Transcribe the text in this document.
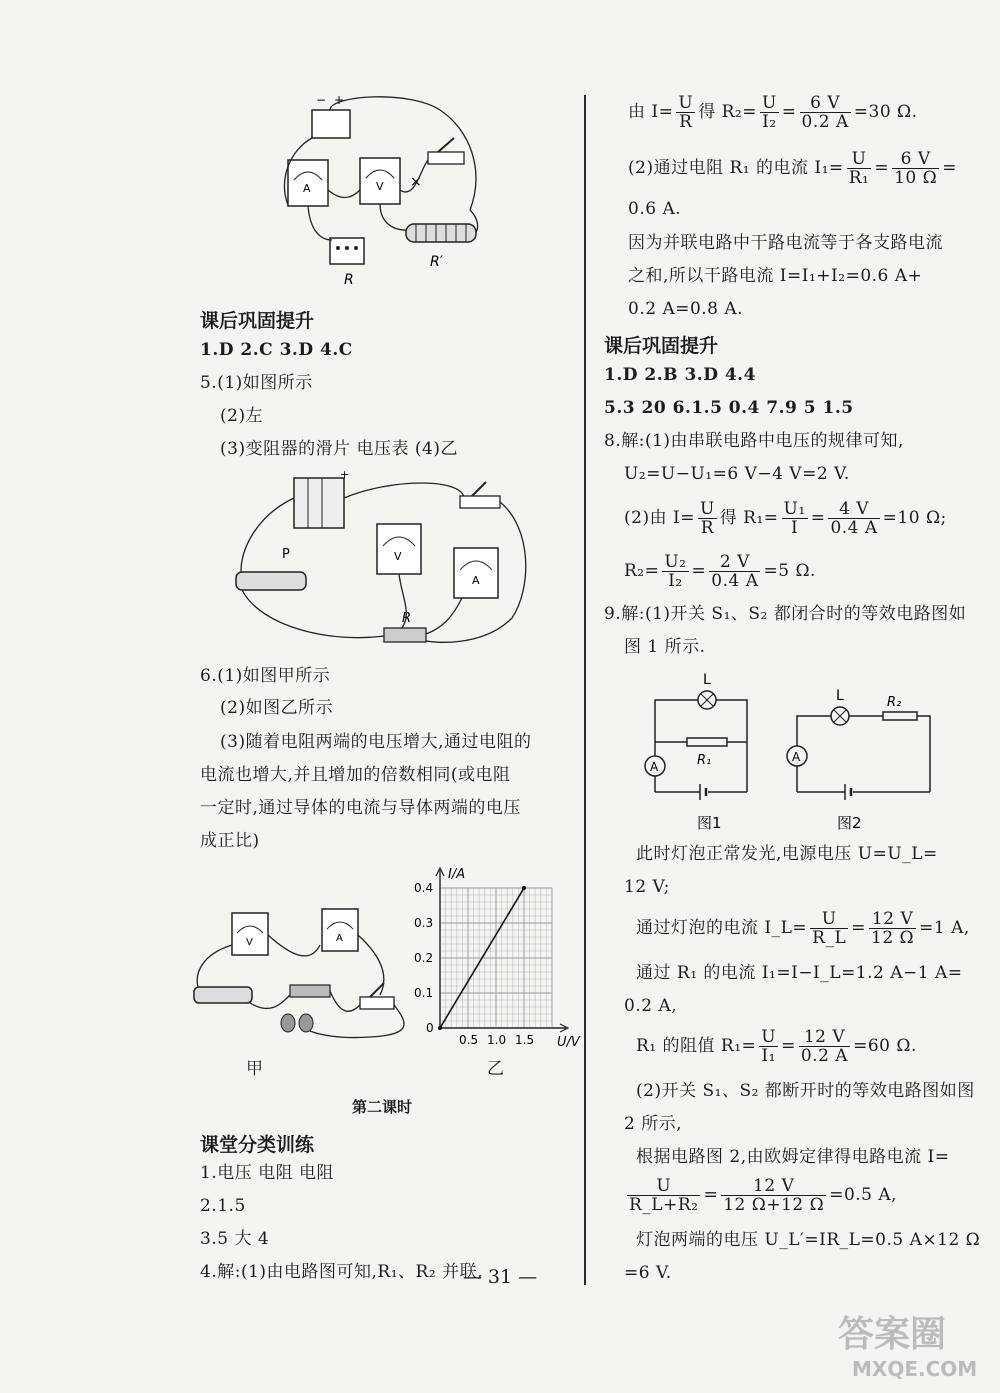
− +
A	V ×
R
R′
课后巩固提升
1.D 2.C 3.D 4.C
5.(1)如图所示
(2)左
(3)变阻器的滑片 电压表 (4)乙
+
P	V
A
R
6.(1)如图甲所示
(2)如图乙所示
(3)随着电阻两端的电压增大,通过电阻的
电流也增大,并且增加的倍数相同(或电阻
一定时,通过导体的电流与导体两端的电压
成正比)
V	A
甲
I/A
U/V
0
0.5 1.0 1.5
0.1
0.2
0.3
0.4
乙
第二课时
课堂分类训练
1.电压 电阻 电阻
2.1.5
3.5 大 4
4.解:(1)由电路图可知,R₁、R₂ 并联,
由 $I= \frac{U}{R}$ 得 $R_2= \frac{U}{\text{I₂}} = \frac{6 V}{0.2 A} =30$ Ω.
(2)通过电阻 R₁ 的电流 $I_1= \frac{U}{\text{R₁}} = \frac{6 V}{10 \Omega}$ =
0.6 A.
因为并联电路中干路电流等于各支路电流
之和,所以干路电流 I=I₁+I₂=0.6 A+
0.2 A=0.8 A.
课后巩固提升
1.D 2.B 3.D 4.4
5.3 20 6.1.5 0.4 7.9 5 1.5
8.解:(1)由串联电路中电压的规律可知,
U₂=U−U₁=6 V−4 V=2 V.
(2)由 $I= \frac{U}{R}$ 得 $R_1= \frac{\text{U₁}}{I} = \frac{4 V}{0.4 A} =10$ Ω;
$R_2= \frac{\text{U₂}}{\text{I₂}} = \frac{2 V}{0.4 A} =5$ Ω.
9.解:(1)开关 S₁、S₂ 都闭合时的等效电路图如
图 1 所示.
L
R₁
A
L	R₂
A
图1	图2
此时灯泡正常发光,电源电压 U=U_L=
12 V;
通过灯泡的电流 I_L= $\frac{U}{R\_L} = \frac{12 V}{12 \Omega} =1$ A,
通过 R₁ 的电流 I₁=I−I_L=1.2 A−1 A=
0.2 A,
R₁ 的阻值 $R_1= \frac{U}{\text{I₁}} = \frac{12 V}{0.2 A} =60$ Ω.
(2)开关 S₁、S₂ 都断开时的等效电路图如图
2 所示,
根据电路图 2,由欧姆定律得电路电流 I=
$\frac{U}{\text{R\_L+R₂}} = \frac{12 V}{12 \Omega+12 \Omega} =0.5$ A,
灯泡两端的电压 U_L′=IR_L=0.5 A×12 Ω
=6 V.
— 31 —
答案圈
MXQE.COM
